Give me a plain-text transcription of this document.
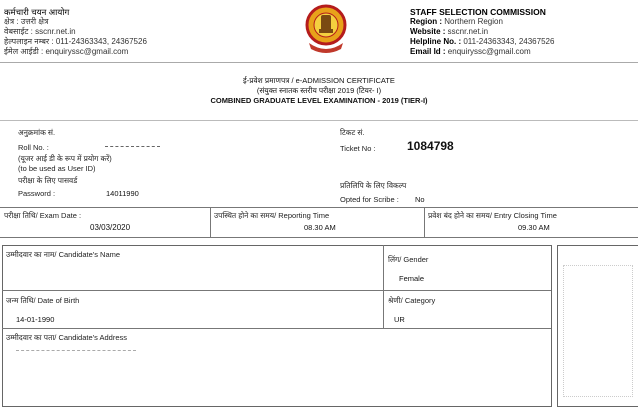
कर्मचारी चयन आयोग
क्षेत्र : उत्तरी क्षेत्र
वेबसाईट : sscnr.net.in
हेल्पलाइन नम्बर : 011-24363343, 24367526
ईमेल आईडी : enquiryssc@gmail.com
STAFF SELECTION COMMISSION
Region : Northern Region
Website : sscnr.net.in
Helpline No. : 011-24363343, 24367526
Email Id : enquiryssc@gmail.com
ई-प्रवेश प्रमाणपत्र / e-ADMISSION CERTIFICATE
(संयुक्त स्नातक स्तरीय परीक्षा 2019 (टियर- I)
COMBINED GRADUATE LEVEL EXAMINATION - 2019 (TIER-I)
अनुक्रमांक सं.
Roll No. :
(यूजर आई डी के रूप में प्रयोग करें)
(to be used as User ID)
परीक्षा के लिए पासवर्ड
Password :	14011990
टिकट सं.
Ticket No :	1084798
प्रतिलिपि के लिए विकल्प
Opted for Scribe : No
परीक्षा तिथि/ Exam Date :
03/03/2020
उपस्थित होने का समय/ Reporting Time
08.30 AM
प्रवेश बंद होने का समय/ Entry Closing Time
09.30 AM
उम्मीदवार का नाम/ Candidate's Name
लिंग/ Gender
Female
जन्म तिथि/ Date of Birth
14-01-1990
श्रेणी/ Category
UR
उम्मीदवार का पता/ Candidate's Address
